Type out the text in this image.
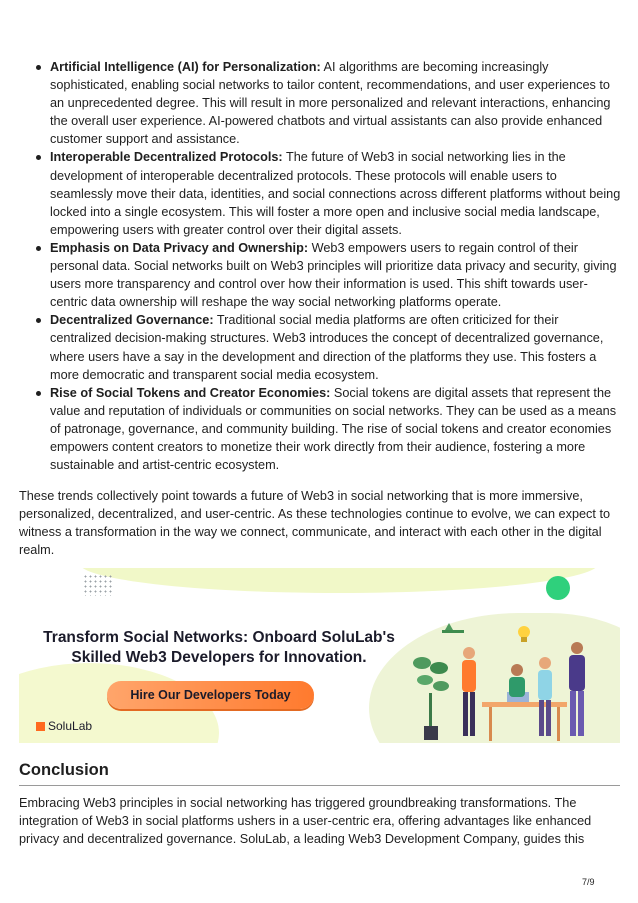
Artificial Intelligence (AI) for Personalization: AI algorithms are becoming increasingly sophisticated, enabling social networks to tailor content, recommendations, and user experiences to an unprecedented degree. This will result in more personalized and relevant interactions, enhancing the overall user experience. AI-powered chatbots and virtual assistants can also provide enhanced customer support and assistance.
Interoperable Decentralized Protocols: The future of Web3 in social networking lies in the development of interoperable decentralized protocols. These protocols will enable users to seamlessly move their data, identities, and social connections across different platforms without being locked into a single ecosystem. This will foster a more open and inclusive social media landscape, empowering users with greater control over their digital assets.
Emphasis on Data Privacy and Ownership: Web3 empowers users to regain control of their personal data. Social networks built on Web3 principles will prioritize data privacy and security, giving users more transparency and control over how their information is used. This shift towards user-centric data ownership will reshape the way social networking platforms operate.
Decentralized Governance: Traditional social media platforms are often criticized for their centralized decision-making structures. Web3 introduces the concept of decentralized governance, where users have a say in the development and direction of the platforms they use. This fosters a more democratic and transparent social media ecosystem.
Rise of Social Tokens and Creator Economies: Social tokens are digital assets that represent the value and reputation of individuals or communities on social networks. They can be used as a means of patronage, governance, and community building. The rise of social tokens and creator economies empowers content creators to monetize their work directly from their audience, fostering a more sustainable and artist-centric ecosystem.

These trends collectively point towards a future of Web3 in social networking that is more immersive, personalized, decentralized, and user-centric. As these technologies continue to evolve, we can expect to witness a transformation in the way we connect, communicate, and interact with each other in the digital realm.

Transform Social Networks: Onboard SoluLab's
Skilled Web3 Developers for Innovation.
Hire Our Developers Today
SoluLab
Conclusion

Embracing Web3 principles in social networking has triggered groundbreaking transformations. The integration of Web3 in social platforms ushers in a user-centric era, offering advantages like enhanced privacy and decentralized governance. SoluLab, a leading Web3 Development Company, guides this

7/9
